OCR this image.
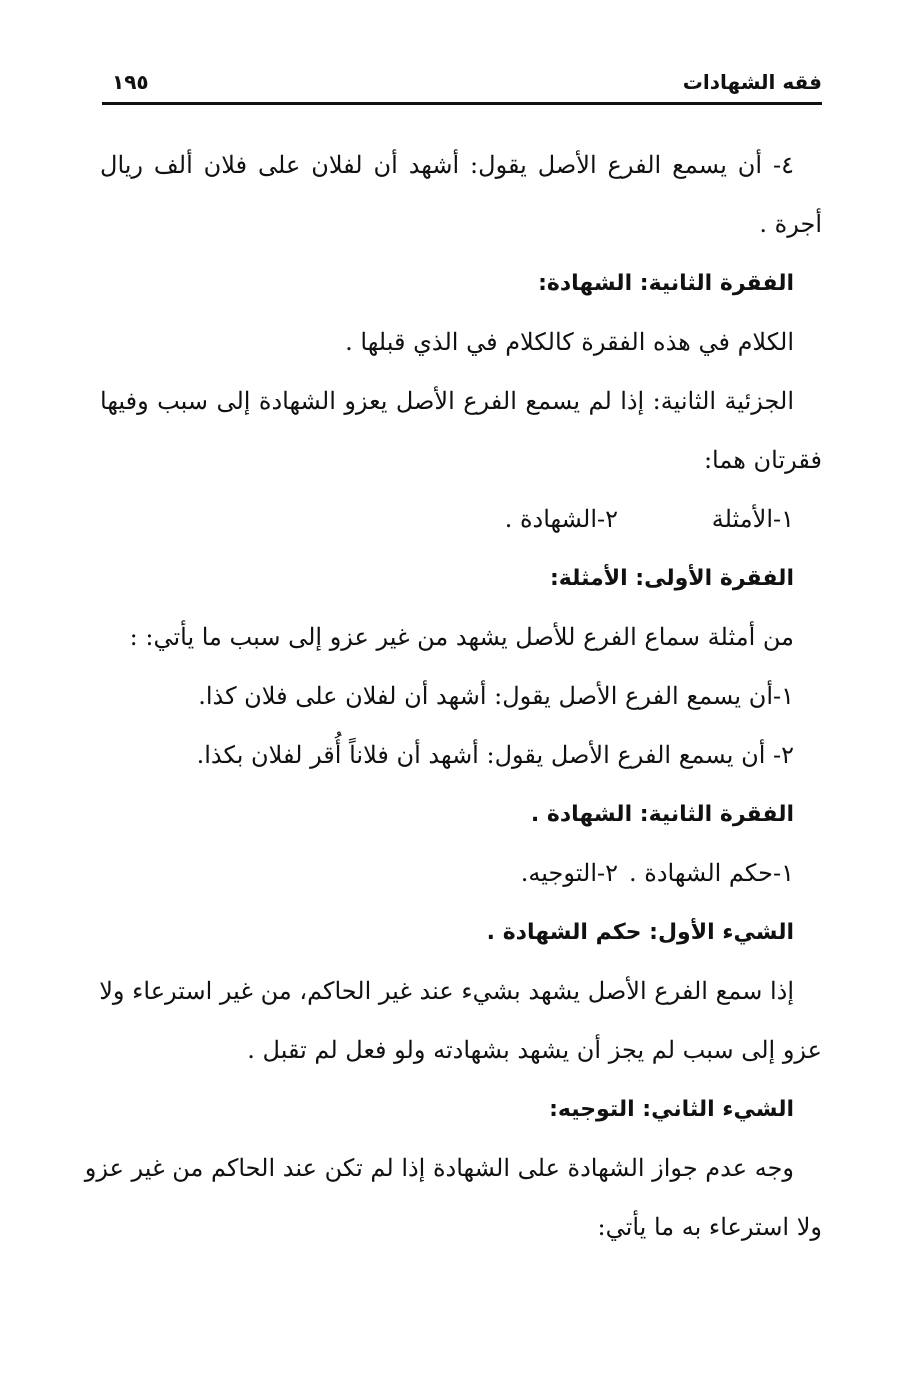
فقه الشهادات
١٩٥
٤- أن يسمع الفرع الأصل يقول: أشهد أن لفلان على فلان ألف ريال
أجرة .
الفقرة الثانية: الشهادة:
الكلام في هذه الفقرة كالكلام في الذي قبلها .
الجزئية الثانية: إذا لم يسمع الفرع الأصل يعزو الشهادة إلى سبب وفيها
فقرتان هما:
١-الأمثلة
٢-الشهادة .
الفقرة الأولى: الأمثلة:
من أمثلة سماع الفرع للأصل يشهد من غير عزو إلى سبب ما يأتي: :
١-أن يسمع الفرع الأصل يقول: أشهد أن لفلان على فلان كذا.
٢- أن يسمع الفرع الأصل يقول: أشهد أن فلاناً أُقر لفلان بكذا.
الفقرة الثانية: الشهادة .
١-حكم الشهادة .
٢-التوجيه.
الشيء الأول: حكم الشهادة .
إذا سمع الفرع الأصل يشهد بشيء عند غير الحاكم، من غير استرعاء ولا
عزو إلى سبب لم يجز أن يشهد بشهادته ولو فعل لم تقبل .
الشيء الثاني: التوجيه:
وجه عدم جواز الشهادة على الشهادة إذا لم تكن عند الحاكم من غير عزو
ولا استرعاء به ما يأتي:
